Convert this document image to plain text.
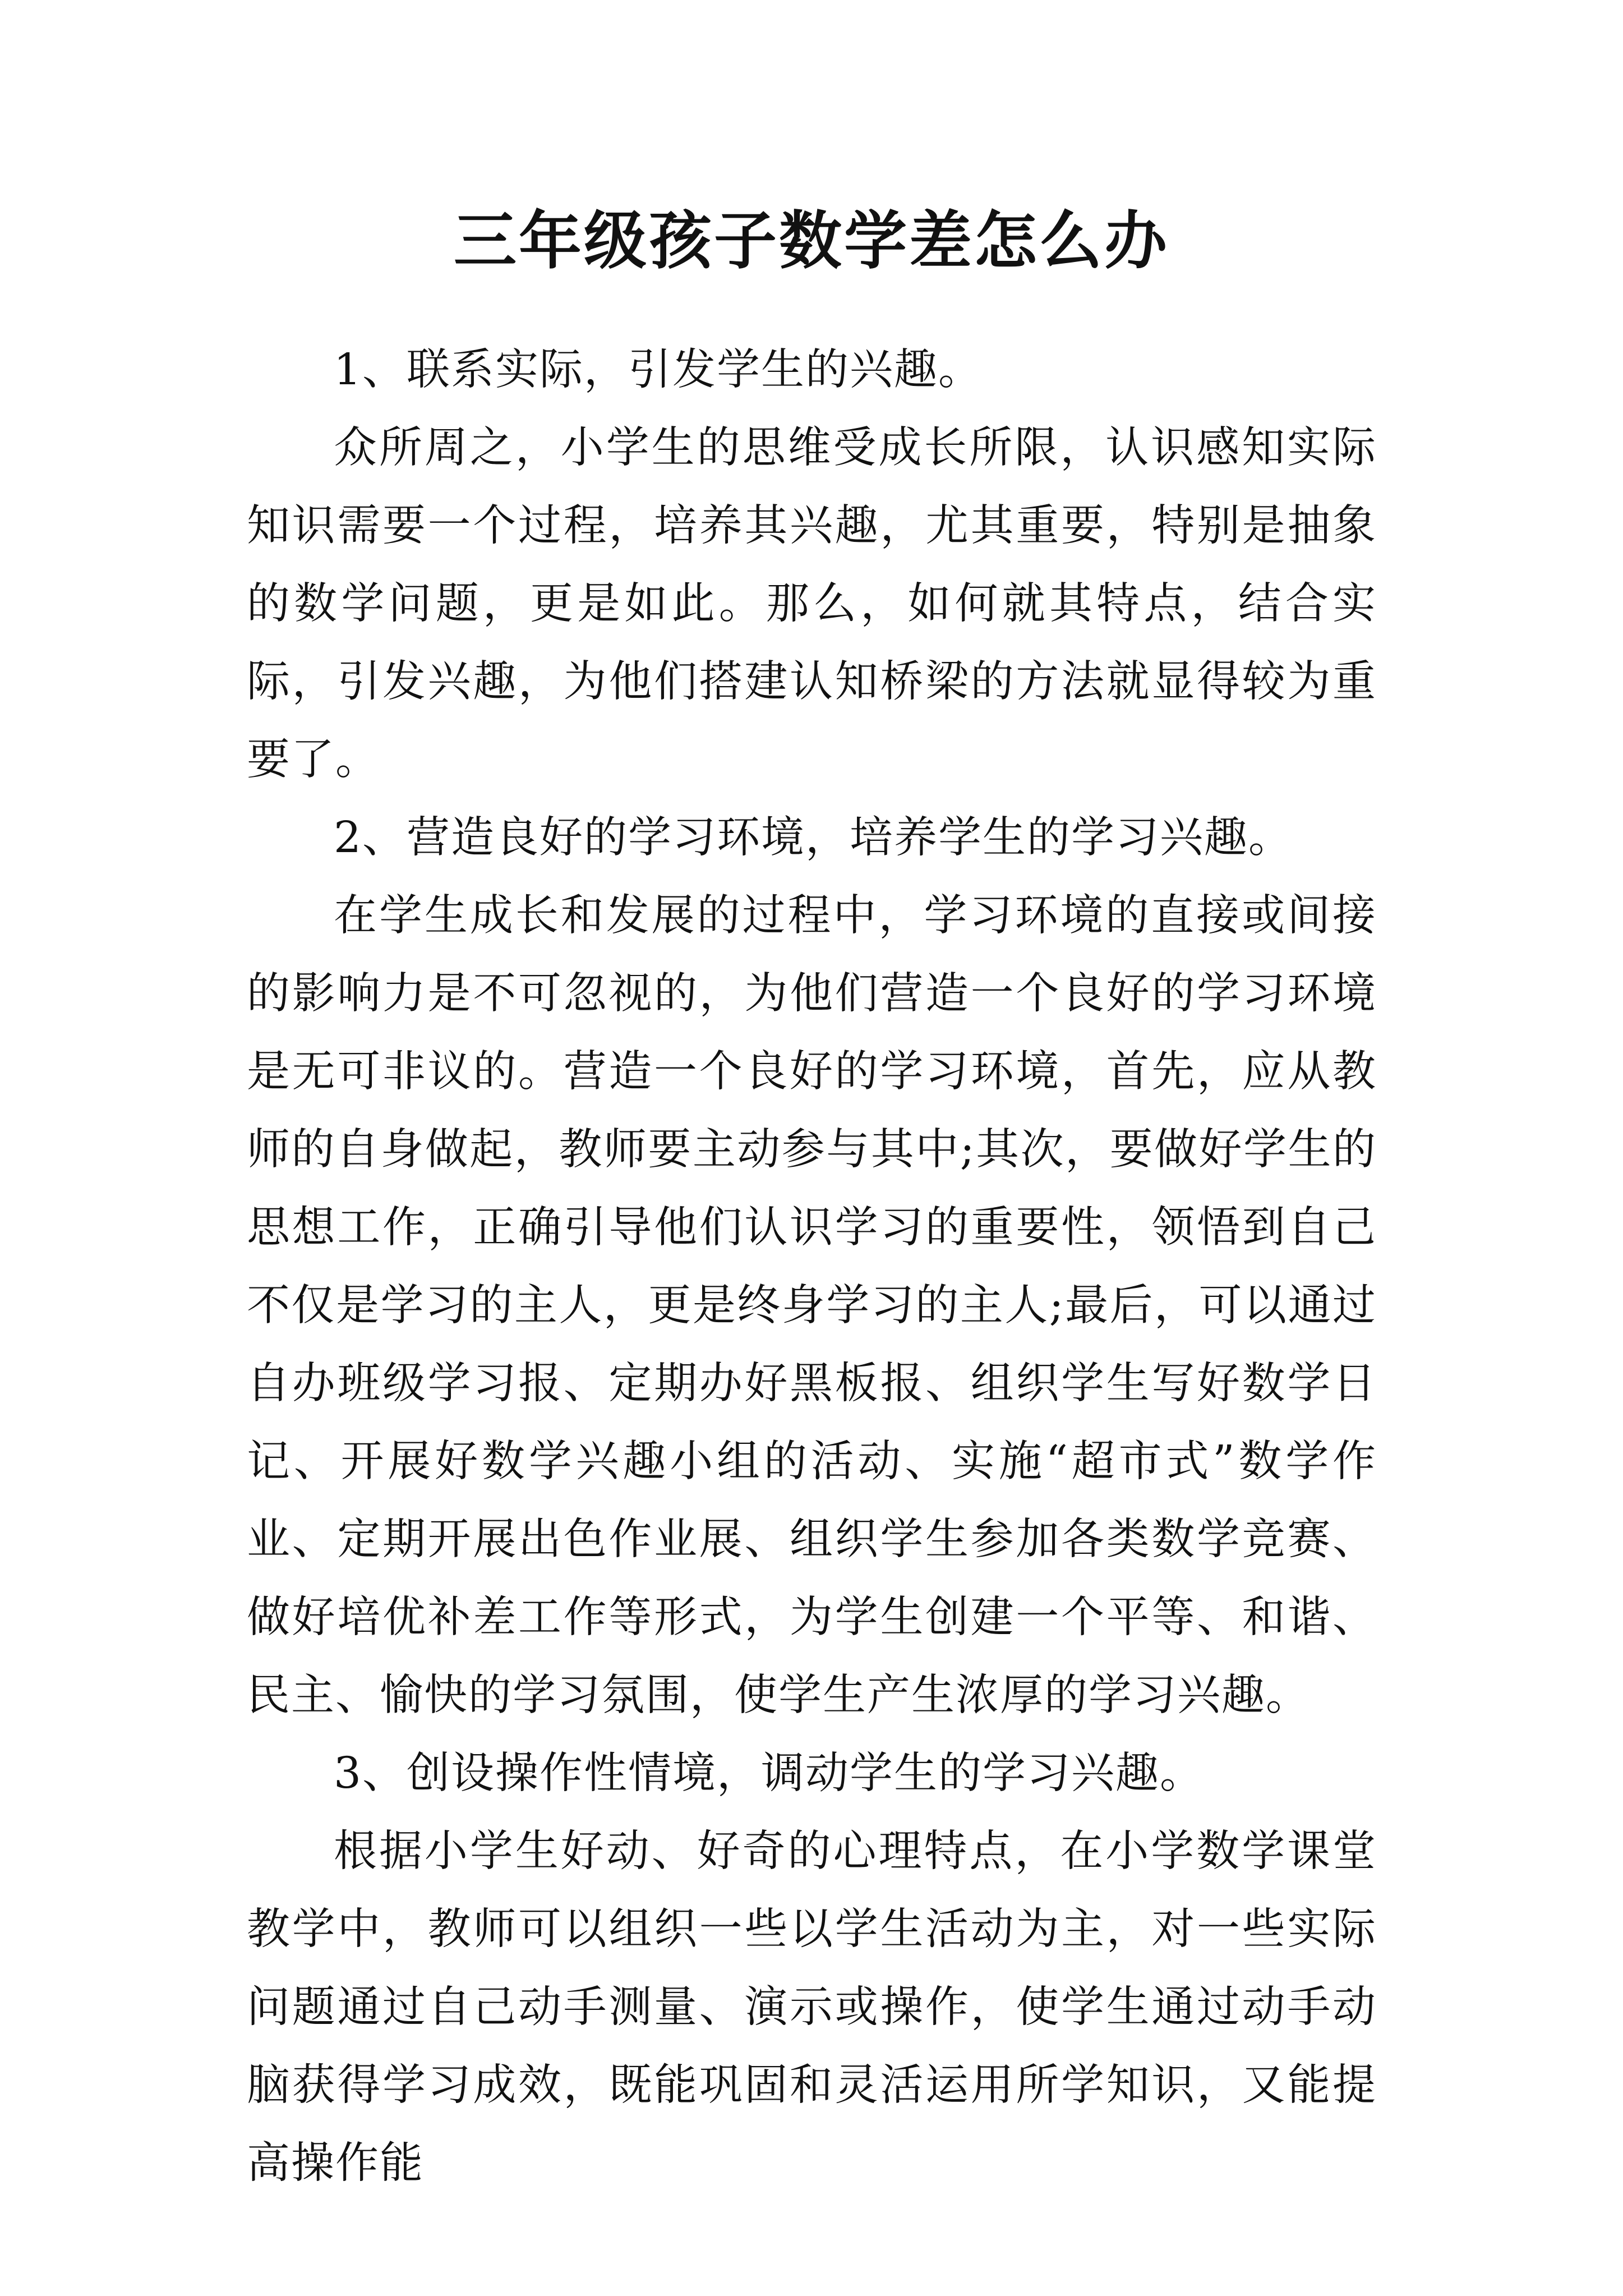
三年级孩子数学差怎么办

1、联系实际，引发学生的兴趣。

众所周之，小学生的思维受成长所限，认识感知实际知识需要一个过程，培养其兴趣，尤其重要，特别是抽象的数学问题，更是如此。那么，如何就其特点，结合实际，引发兴趣，为他们搭建认知桥梁的方法就显得较为重要了。

2、营造良好的学习环境，培养学生的学习兴趣。

在学生成长和发展的过程中，学习环境的直接或间接的影响力是不可忽视的，为他们营造一个良好的学习环境是无可非议的。营造一个良好的学习环境，首先，应从教师的自身做起，教师要主动参与其中;其次，要做好学生的思想工作，正确引导他们认识学习的重要性，领悟到自己不仅是学习的主人，更是终身学习的主人;最后，可以通过自办班级学习报、定期办好黑板报、组织学生写好数学日记、开展好数学兴趣小组的活动、实施“超市式”数学作业、定期开展出色作业展、组织学生参加各类数学竞赛、做好培优补差工作等形式，为学生创建一个平等、和谐、民主、愉快的学习氛围，使学生产生浓厚的学习兴趣。

3、创设操作性情境，调动学生的学习兴趣。

根据小学生好动、好奇的心理特点，在小学数学课堂教学中，教师可以组织一些以学生活动为主，对一些实际问题通过自己动手测量、演示或操作，使学生通过动手动脑获得学习成效，既能巩固和灵活运用所学知识，又能提高操作能
